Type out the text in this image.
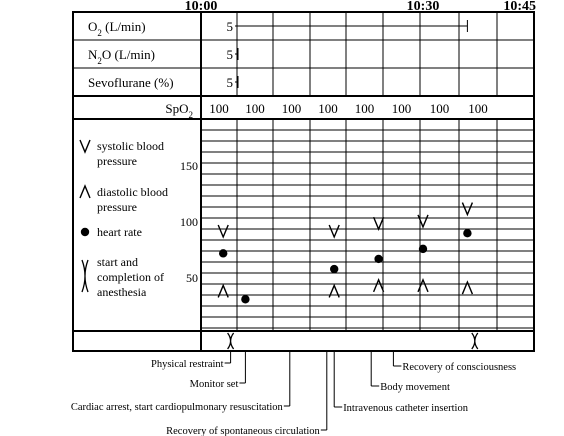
10:00	10:30	10:45
$O_2$ (L/min)	5
$N_2O$ (L/min)	5
Sevoflurane (%)	5
SpO$_2$ 100 100 100 100 100 100 100 100
systolic blood pressure
diastolic blood pressure
heart rate
start and completion of anesthesia
150
100
50
Physical restraint
Monitor set
Cardiac arrest, start cardiopulmonary resuscitation
Recovery of spontaneous circulation
Recovery of consciousness
Body movement
Intravenous catheter insertion
